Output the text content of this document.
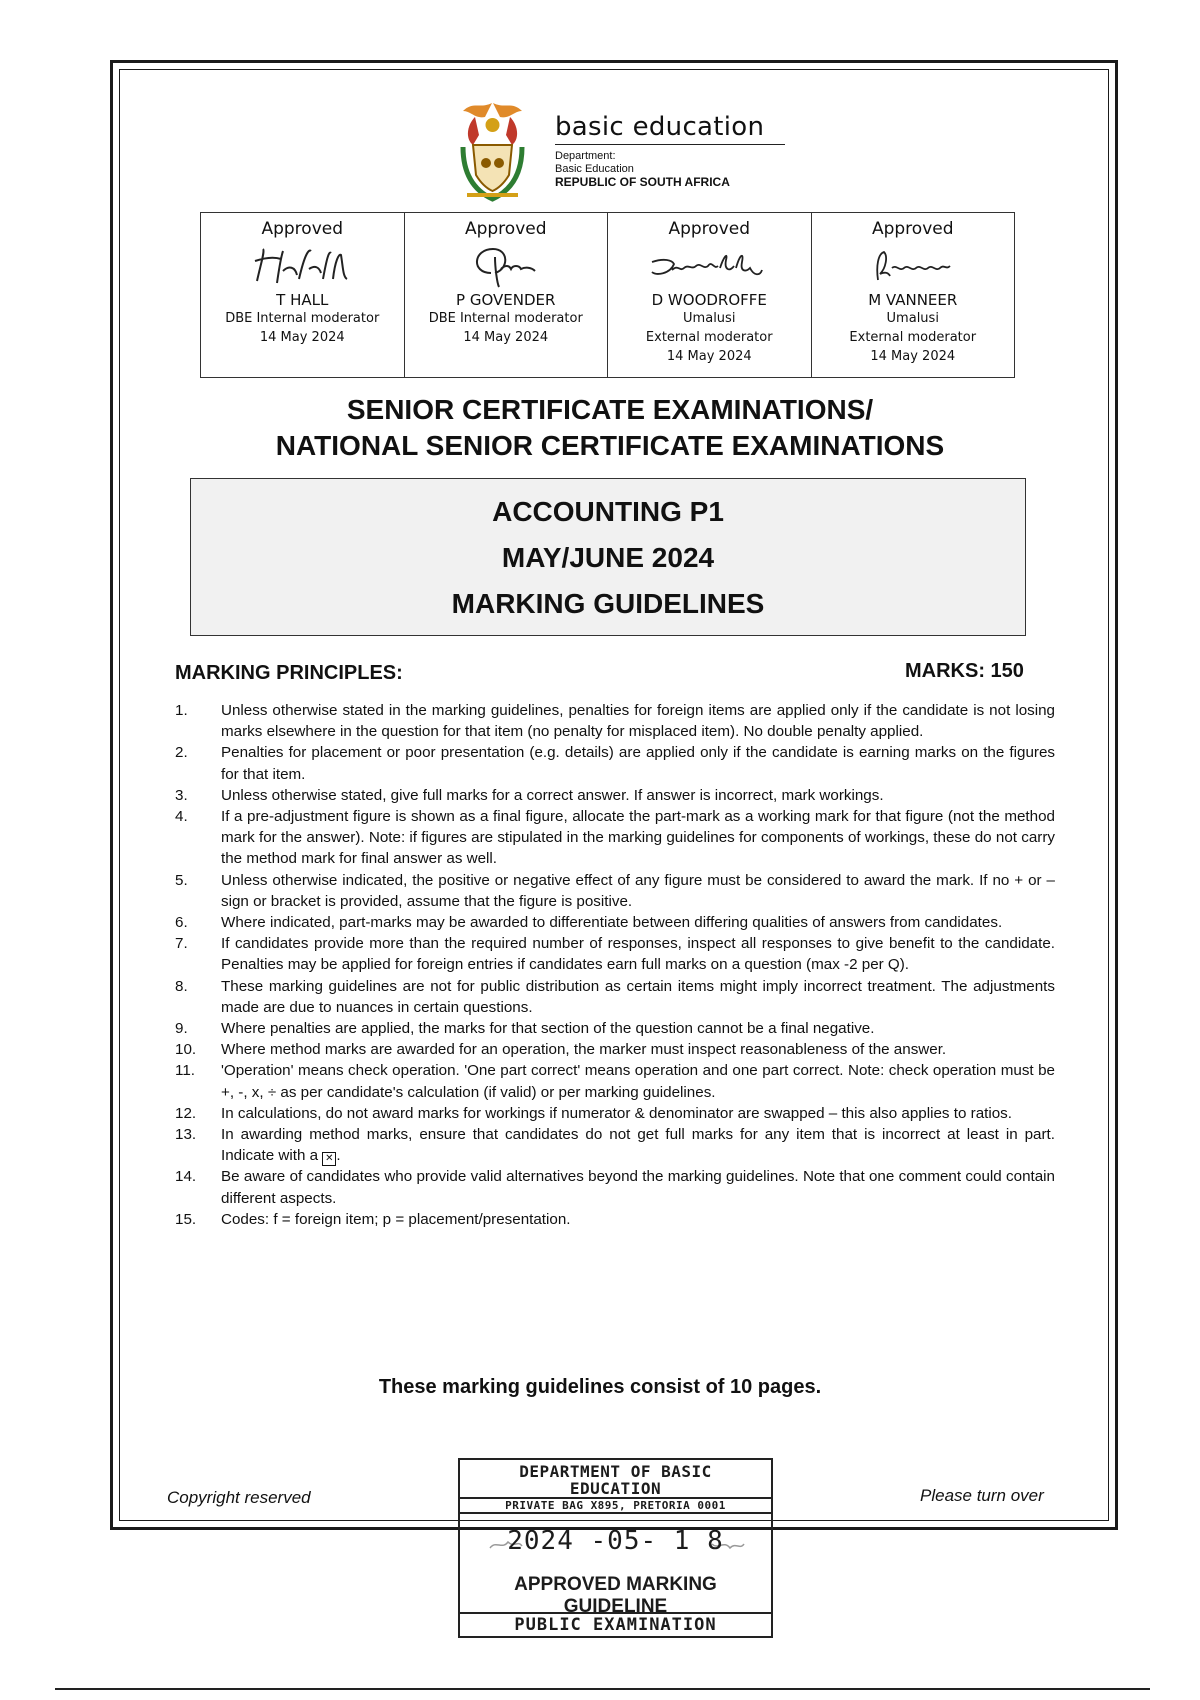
basic education
Department:
Basic Education
REPUBLIC OF SOUTH AFRICA
Approved
T HALL
DBE Internal moderator
14 May 2024
Approved
P GOVENDER
DBE Internal moderator
14 May 2024
Approved
D WOODROFFE
Umalusi
External moderator
14 May 2024
Approved
M VANNEER
Umalusi
External moderator
14 May 2024
SENIOR CERTIFICATE EXAMINATIONS/
NATIONAL SENIOR CERTIFICATE EXAMINATIONS
ACCOUNTING P1
MAY/JUNE 2024
MARKING GUIDELINES
MARKING PRINCIPLES:	MARKS: 150
1.	Unless otherwise stated in the marking guidelines, penalties for foreign items are applied only if the candidate is not losing marks elsewhere in the question for that item (no penalty for misplaced item). No double penalty applied.
2.	Penalties for placement or poor presentation (e.g. details) are applied only if the candidate is earning marks on the figures for that item.
3.	Unless otherwise stated, give full marks for a correct answer. If answer is incorrect, mark workings.
4.	If a pre-adjustment figure is shown as a final figure, allocate the part-mark as a working mark for that figure (not the method mark for the answer). Note: if figures are stipulated in the marking guidelines for components of workings, these do not carry the method mark for final answer as well.
5.	Unless otherwise indicated, the positive or negative effect of any figure must be considered to award the mark. If no + or – sign or bracket is provided, assume that the figure is positive.
6.	Where indicated, part-marks may be awarded to differentiate between differing qualities of answers from candidates.
7.	If candidates provide more than the required number of responses, inspect all responses to give benefit to the candidate. Penalties may be applied for foreign entries if candidates earn full marks on a question (max -2 per Q).
8.	These marking guidelines are not for public distribution as certain items might imply incorrect treatment. The adjustments made are due to nuances in certain questions.
9.	Where penalties are applied, the marks for that section of the question cannot be a final negative.
10.	Where method marks are awarded for an operation, the marker must inspect reasonableness of the answer.
11.	'Operation' means check operation. 'One part correct' means operation and one part correct. Note: check operation must be +, -, x, ÷ as per candidate's calculation (if valid) or per marking guidelines.
12.	In calculations, do not award marks for workings if numerator & denominator are swapped – this also applies to ratios.
13.	In awarding method marks, ensure that candidates do not get full marks for any item that is incorrect at least in part. Indicate with a ✕ .
14.	Be aware of candidates who provide valid alternatives beyond the marking guidelines. Note that one comment could contain different aspects.
15.	Codes: f = foreign item; p = placement/presentation.
These marking guidelines consist of 10 pages.
Copyright reserved	Please turn over
DEPARTMENT OF BASIC
EDUCATION
PRIVATE BAG X895, PRETORIA 0001
2024 -05- 1 8
APPROVED MARKING GUIDELINE
PUBLIC EXAMINATION
